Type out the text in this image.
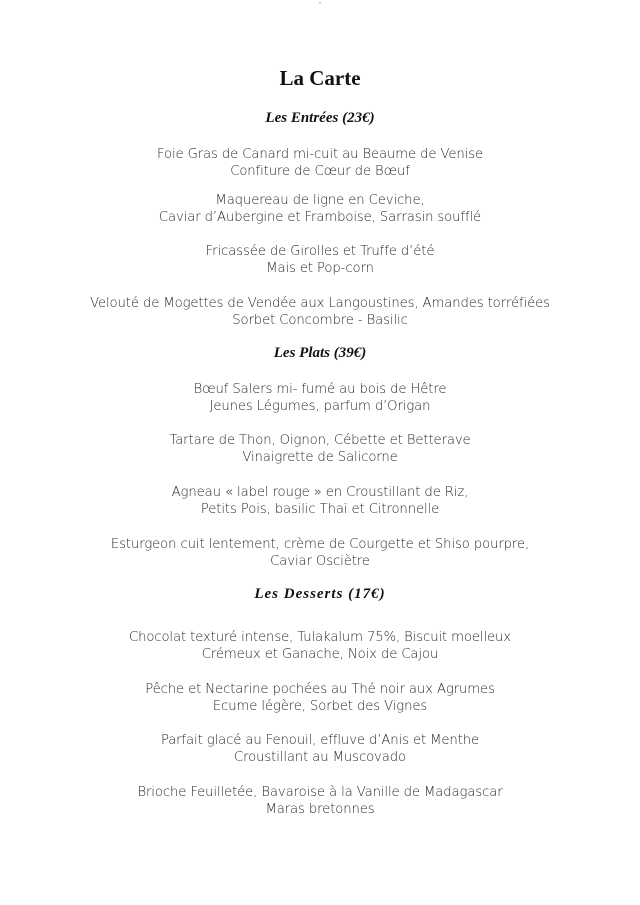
¨
La Carte
Les Entrées (23€)
Foie Gras de Canard mi-cuit au Beaume de Venise
Confiture de Cœur de Bœuf
Maquereau de ligne en Ceviche,
Caviar d’Aubergine et Framboise, Sarrasin soufflé
Fricassée de Girolles et Truffe d’été
Mais et Pop-corn
Velouté de Mogettes de Vendée aux Langoustines, Amandes torréfiées
Sorbet Concombre - Basilic
Les Plats (39€)
Bœuf Salers mi- fumé au bois de Hêtre
Jeunes Légumes, parfum d’Origan
Tartare de Thon, Oignon, Cébette et Betterave
Vinaigrette de Salicorne
Agneau « label rouge » en Croustillant de Riz,
Petits Pois, basilic Thaï et Citronnelle
Esturgeon cuit lentement, crème de Courgette et Shiso pourpre,
Caviar Osciètre
Les Desserts (17€)
Chocolat texturé intense, Tulakalum 75%, Biscuit moelleux
Crémeux et Ganache, Noix de Cajou
Pêche et Nectarine pochées au Thé noir aux Agrumes
Ecume légère, Sorbet des Vignes
Parfait glacé au Fenouil, effluve d’Anis et Menthe
Croustillant au Muscovado
Brioche Feuilletée, Bavaroise à la Vanille de Madagascar
Maras bretonnes
